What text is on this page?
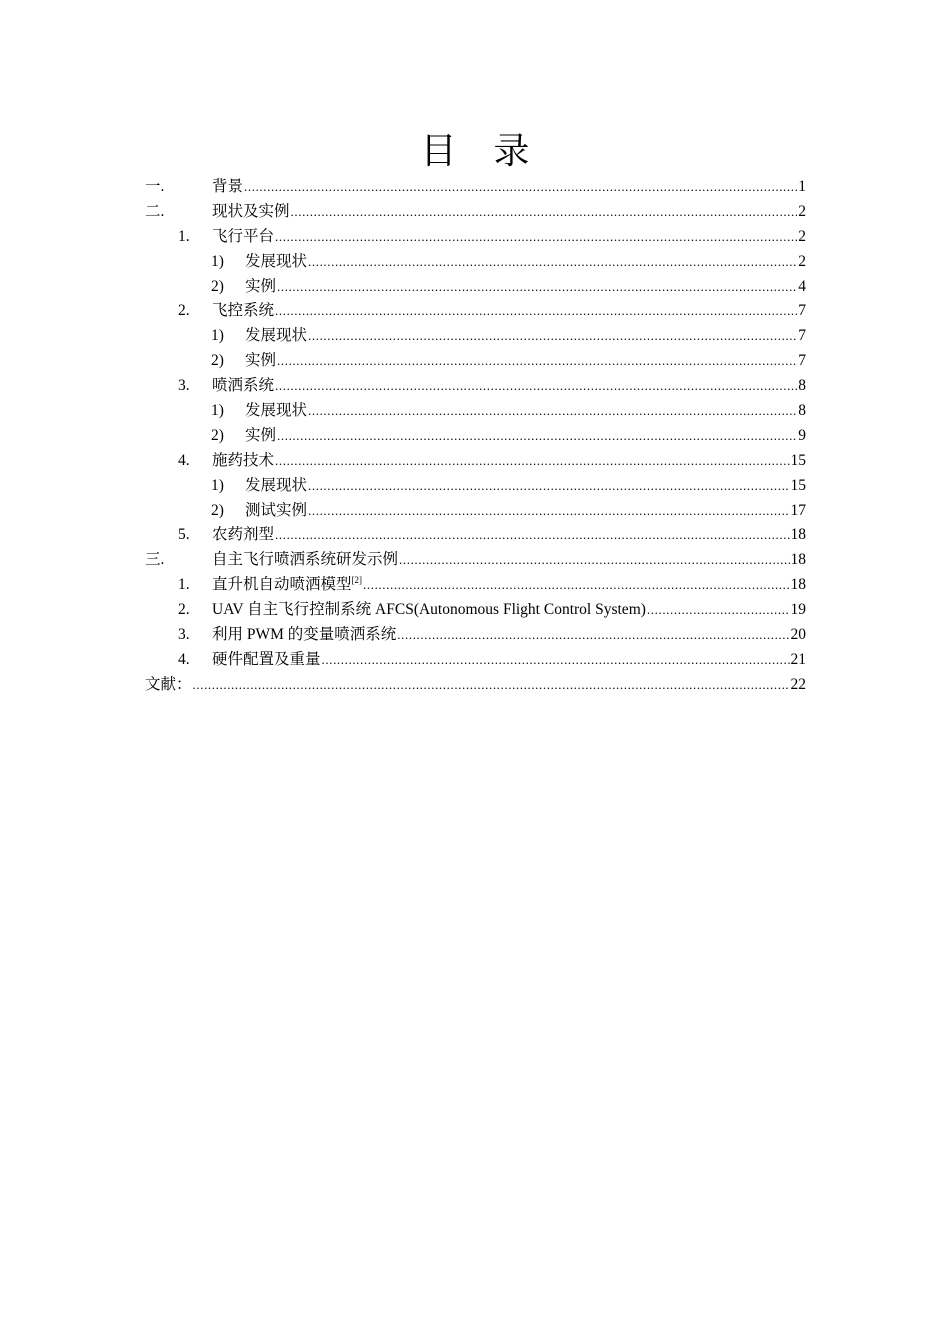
目 录
一.	背景 .....	1
二.	现状及实例 .....	2
1. 飞行平台 .....	2
1) 发展现状 .....	2
2) 实例 .....	4
2. 飞控系统 .....	7
1) 发展现状 .....	7
2) 实例 .....	7
3. 喷洒系统 .....	8
1) 发展现状 .....	8
2) 实例 .....	9
4. 施药技术 .....	15
1) 发展现状 .....	15
2) 测试实例 .....	17
5. 农药剂型 .....	18
三.	自主飞行喷洒系统研发示例 .....	18
1. 直升机自动喷洒模型[2] .....	18
2. UAV 自主飞行控制系统 AFCS(Autonomous Flight Control System) .....	19
3. 利用 PWM 的变量喷洒系统 .....	20
4. 硬件配置及重量 .....	21
文献： .....	22
